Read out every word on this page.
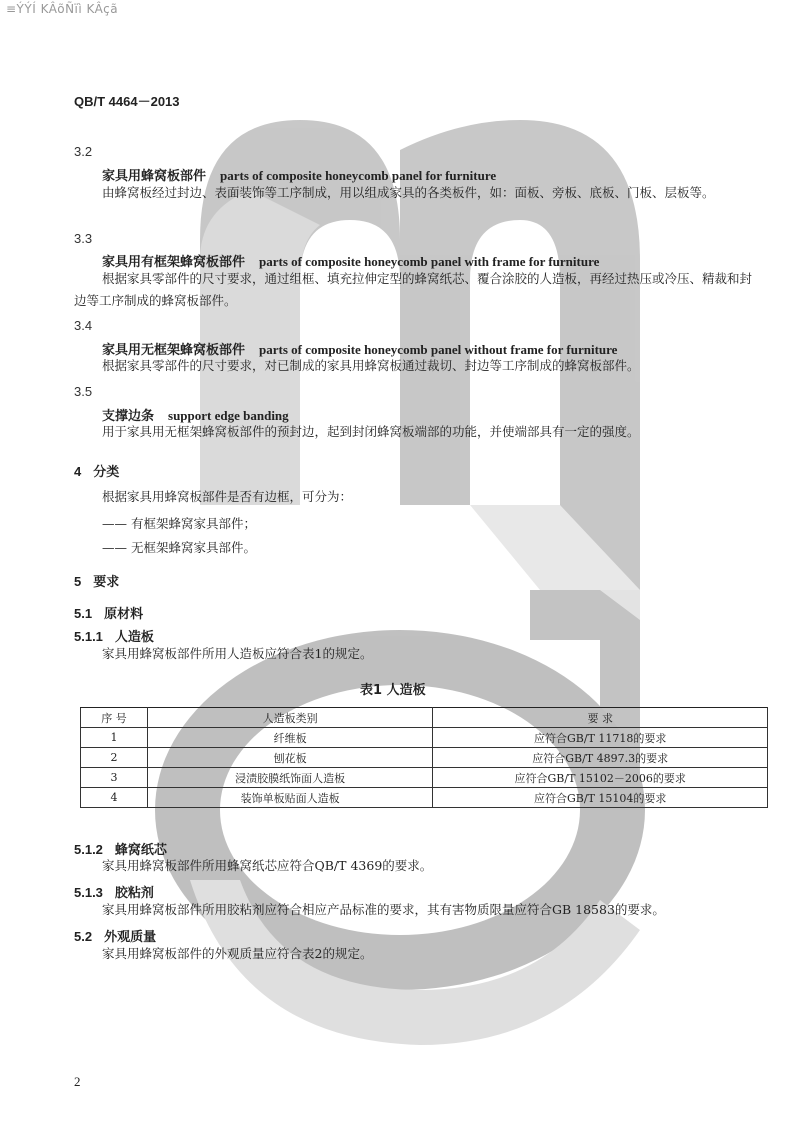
≡ÝÝÍ KÂõÑïì KÂçã
QB/T 4464－2013
3.2
家具用蜂窝板部件 parts of composite honeycomb panel for furniture
由蜂窝板经过封边、表面装饰等工序制成，用以组成家具的各类板件，如：面板、旁板、底板、门板、层板等。
3.3
家具用有框架蜂窝板部件 parts of composite honeycomb panel with frame for furniture
根据家具零部件的尺寸要求，通过组框、填充拉伸定型的蜂窝纸芯、覆合涂胶的人造板，再经过热压或冷压、精裁和封边等工序制成的蜂窝板部件。
3.4
家具用无框架蜂窝板部件 parts of composite honeycomb panel without frame for furniture
根据家具零部件的尺寸要求，对已制成的家具用蜂窝板通过裁切、封边等工序制成的蜂窝板部件。
3.5
支撑边条 support edge banding
用于家具用无框架蜂窝板部件的预封边，起到封闭蜂窝板端部的功能，并使端部具有一定的强度。
4 分类
根据家具用蜂窝板部件是否有边框，可分为：
—— 有框架蜂窝家具部件；
—— 无框架蜂窝家具部件。
5 要求
5.1 原材料
5.1.1 人造板
家具用蜂窝板部件所用人造板应符合表1的规定。
表1 人造板
序 号	人造板类别	要 求
1	纤维板	应符合GB/T 11718的要求
2	刨花板	应符合GB/T 4897.3的要求
3	浸渍胶膜纸饰面人造板	应符合GB/T 15102－2006的要求
4	装饰单板贴面人造板	应符合GB/T 15104的要求
5.1.2 蜂窝纸芯
家具用蜂窝板部件所用蜂窝纸芯应符合QB/T 4369的要求。
5.1.3 胶粘剂
家具用蜂窝板部件所用胶粘剂应符合相应产品标准的要求，其有害物质限量应符合GB 18583的要求。
5.2 外观质量
家具用蜂窝板部件的外观质量应符合表2的规定。
2
